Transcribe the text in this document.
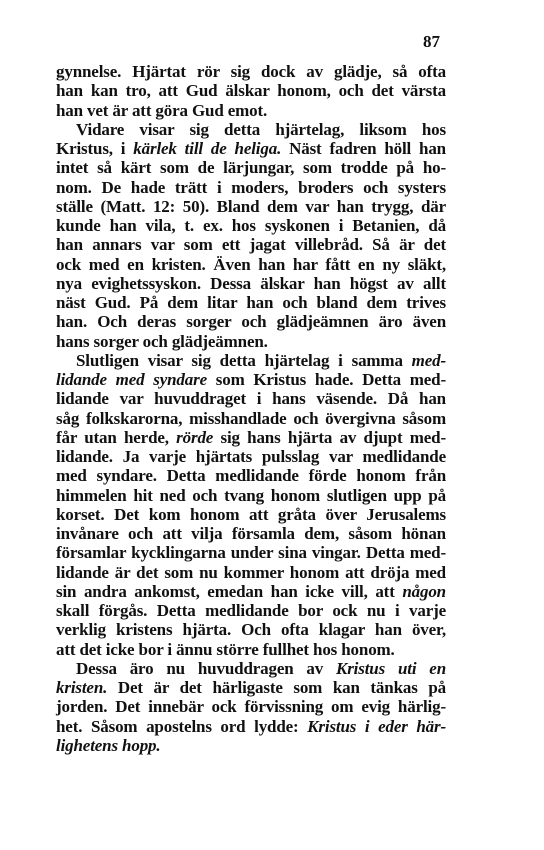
87
gynnelse. Hjärtat rör sig dock av glädje, så ofta
han kan tro, att Gud älskar honom, och det värsta
han vet är att göra Gud emot.
Vidare visar sig detta hjärtelag, liksom hos
Kristus, i kärlek till de heliga. Näst fadren höll han
intet så kärt som de lärjungar, som trodde på ho-
nom. De hade trätt i moders, broders och systers
ställe (Matt. 12: 50). Bland dem var han trygg, där
kunde han vila, t. ex. hos syskonen i Betanien, då
han annars var som ett jagat villebråd. Så är det
ock med en kristen. Även han har fått en ny släkt,
nya evighetssyskon. Dessa älskar han högst av allt
näst Gud. På dem litar han och bland dem trives
han. Och deras sorger och glädjeämnen äro även
hans sorger och glädjeämnen.
Slutligen visar sig detta hjärtelag i samma med-
lidande med syndare som Kristus hade. Detta med-
lidande var huvuddraget i hans väsende. Då han
såg folkskarorna, misshandlade och övergivna såsom
får utan herde, rörde sig hans hjärta av djupt med-
lidande. Ja varje hjärtats pulsslag var medlidande
med syndare. Detta medlidande förde honom från
himmelen hit ned och tvang honom slutligen upp på
korset. Det kom honom att gråta över Jerusalems
invånare och att vilja församla dem, såsom hönan
församlar kycklingarna under sina vingar. Detta med-
lidande är det som nu kommer honom att dröja med
sin andra ankomst, emedan han icke vill, att någon
skall förgås. Detta medlidande bor ock nu i varje
verklig kristens hjärta. Och ofta klagar han över,
att det icke bor i ännu större fullhet hos honom.
Dessa äro nu huvuddragen av Kristus uti en
kristen. Det är det härligaste som kan tänkas på
jorden. Det innebär ock förvissning om evig härlig-
het. Såsom apostelns ord lydde: Kristus i eder här-
lighetens hopp.
